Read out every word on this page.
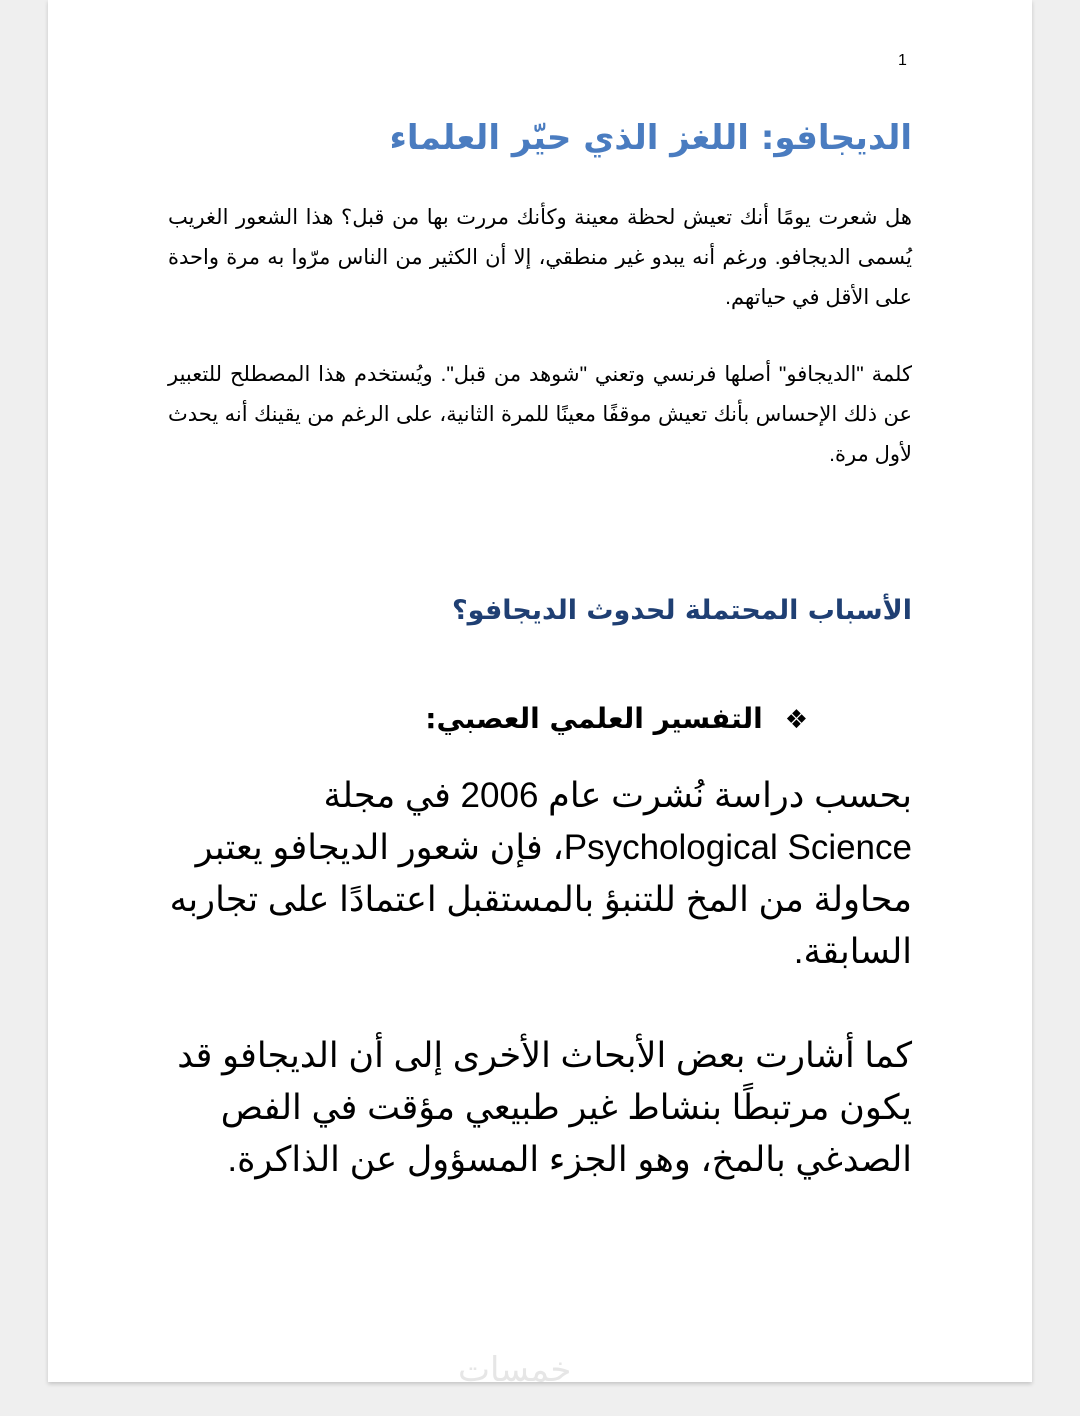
1
الديجافو: اللغز الذي حيّر العلماء

هل شعرت يومًا أنك تعيش لحظة معينة وكأنك مررت بها من قبل؟ هذا الشعور الغريب يُسمى الديجافو. ورغم أنه يبدو غير منطقي، إلا أن الكثير من الناس مرّوا به مرة واحدة على الأقل في حياتهم.

كلمة "الديجافو" أصلها فرنسي وتعني "شوهد من قبل". ويُستخدم هذا المصطلح للتعبير عن ذلك الإحساس بأنك تعيش موقفًا معينًا للمرة الثانية، على الرغم من يقينك أنه يحدث لأول مرة.

الأسباب المحتملة لحدوث الديجافو؟
❖التفسير العلمي العصبي:

بحسب دراسة نُشرت عام 2006 في مجلة Psychological Science، فإن شعور الديجافو يعتبر محاولة من المخ للتنبؤ بالمستقبل اعتمادًا على تجاربه السابقة.

كما أشارت بعض الأبحاث الأخرى إلى أن الديجافو قد يكون مرتبطًا بنشاط غير طبيعي مؤقت في الفص الصدغي بالمخ، وهو الجزء المسؤول عن الذاكرة.

خمسات
